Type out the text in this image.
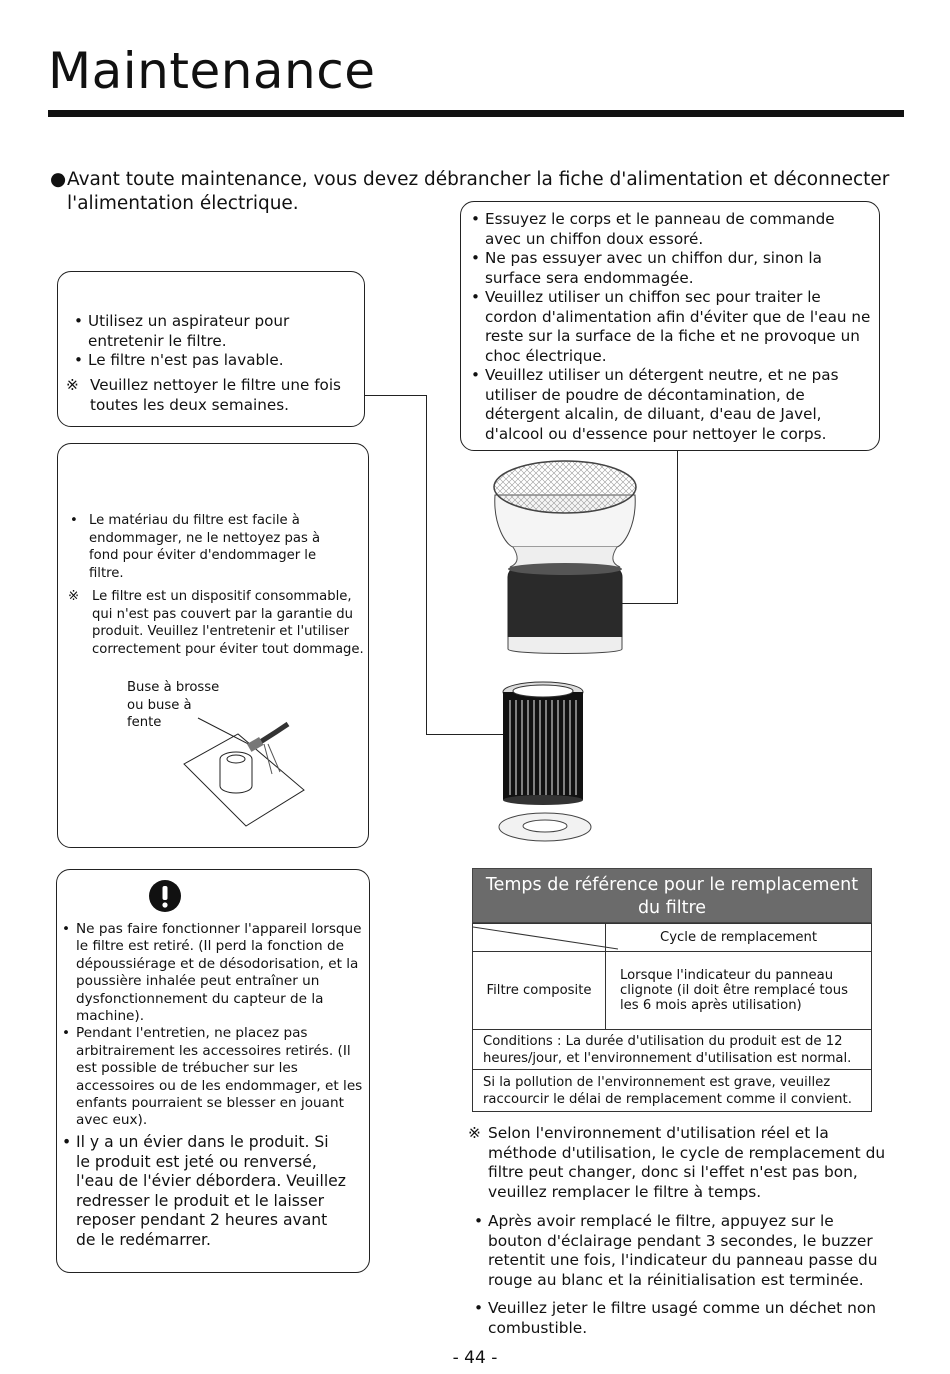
Maintenance
● Avant toute maintenance, vous devez débrancher la fiche d'alimentation et déconnecter l'alimentation électrique.
• Utilisez un aspirateur pour entretenir le filtre.
• Le filtre n'est pas lavable.
※ Veuillez nettoyer le filtre une fois toutes les deux semaines.
• Essuyez le corps et le panneau de commande avec un chiffon doux essoré.
• Ne pas essuyer avec un chiffon dur, sinon la surface sera endommagée.
• Veuillez utiliser un chiffon sec pour traiter le cordon d'alimentation afin d'éviter que de l'eau ne reste sur la surface de la fiche et ne provoque un choc électrique.
• Veuillez utiliser un détergent neutre, et ne pas utiliser de poudre de décontamination, de détergent alcalin, de diluant, d'eau de Javel, d'alcool ou d'essence pour nettoyer le corps.
• Le matériau du filtre est facile à endommager, ne le nettoyez pas à fond pour éviter d'endommager le filtre.
※ Le filtre est un dispositif consommable, qui n'est pas couvert par la garantie du produit. Veuillez l'entretenir et l'utiliser correctement pour éviter tout dommage.
Buse à brosse ou buse à fente
• Ne pas faire fonctionner l'appareil lorsque le filtre est retiré. (Il perd la fonction de dépoussiérage et de désodorisation, et la poussière inhalée peut entraîner un dysfonctionnement du capteur de la machine).
• Pendant l'entretien, ne placez pas arbitrairement les accessoires retirés. (Il est possible de trébucher sur les accessoires ou de les endommager, et les enfants pourraient se blesser en jouant avec eux).
• Il y a un évier dans le produit. Si le produit est jeté ou renversé, l'eau de l'évier débordera. Veuillez redresser le produit et le laisser reposer pendant 2 heures avant de le redémarrer.
Temps de référence pour le remplacement du filtre
	Cycle de remplacement
Filtre composite	Lorsque l'indicateur du panneau clignote (il doit être remplacé tous les 6 mois après utilisation)
Conditions : La durée d'utilisation du produit est de 12 heures/jour, et l'environnement d'utilisation est normal.	
Si la pollution de l'environnement est grave, veuillez raccourcir le délai de remplacement comme il convient.	
※ Selon l'environnement d'utilisation réel et la méthode d'utilisation, le cycle de remplacement du filtre peut changer, donc si l'effet n'est pas bon, veuillez remplacer le filtre à temps.
• Après avoir remplacé le filtre, appuyez sur le bouton d'éclairage pendant 3 secondes, le buzzer retentit une fois, l'indicateur du panneau passe du rouge au blanc et la réinitialisation est terminée.
• Veuillez jeter le filtre usagé comme un déchet non combustible.
- 44 -
